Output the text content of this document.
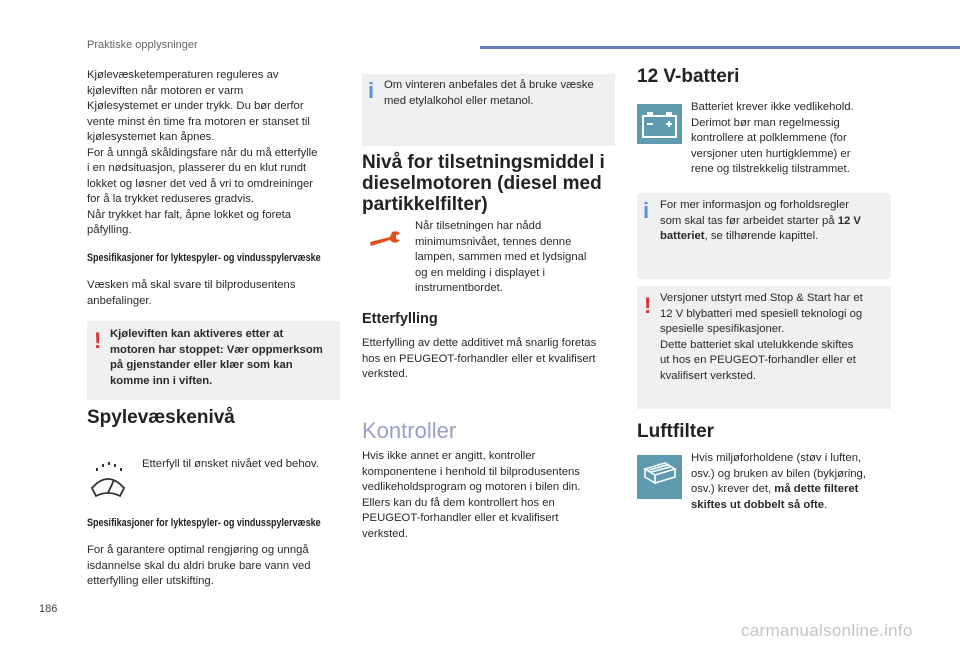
Praktiske opplysninger
Kjølevæsketemperaturen reguleres av
kjøleviften når motoren er varm
Kjølesystemet er under trykk. Du bør derfor
vente minst én time fra motoren er stanset til
kjølesystemet kan åpnes.
For å unngå skåldingsfare når du må etterfylle
i en nødsituasjon, plasserer du en klut rundt
lokket og løsner det ved å vri to omdreininger
for å la trykket reduseres gradvis.
Når trykket har falt, åpne lokket og foreta
påfylling.
Spesifikasjoner for lyktespyler- og vindusspylervæske
Væsken må skal svare til bilprodusentens
anbefalinger.
! Kjøleviften kan aktiveres etter at
motoren har stoppet: Vær oppmerksom
på gjenstander eller klær som kan
komme inn i viften.
Spylevæskenivå
Etterfyll til ønsket nivået ved behov.
Spesifikasjoner for lyktespyler- og vindusspylervæske
For å garantere optimal rengjøring og unngå
isdannelse skal du aldri bruke bare vann ved
etterfylling eller utskifting.
i Om vinteren anbefales det å bruke væske
med etylalkohol eller metanol.
Nivå for tilsetningsmiddel i
dieselmotoren (diesel med
partikkelfilter)
Når tilsetningen har nådd
minimumsnivået, tennes denne
lampen, sammen med et lydsignal
og en melding i displayet i
instrumentbordet.
Etterfylling
Etterfylling av dette additivet må snarlig foretas
hos en PEUGEOT-forhandler eller et kvalifisert
verksted.
Kontroller
Hvis ikke annet er angitt, kontroller
komponentene i henhold til bilprodusentens
vedlikeholdsprogram og motoren i bilen din.
Ellers kan du få dem kontrollert hos en
PEUGEOT-forhandler eller et kvalifisert
verksted.
12 V-batteri
Batteriet krever ikke vedlikehold.
Derimot bør man regelmessig
kontrollere at polklemmene (for
versjoner uten hurtigklemme) er
rene og tilstrekkelig tilstrammet.
i For mer informasjon og forholdsregler
som skal tas før arbeidet starter på 12 V
batteriet, se tilhørende kapittel.
! Versjoner utstyrt med Stop & Start har et
12 V blybatteri med spesiell teknologi og
spesielle spesifikasjoner.
Dette batteriet skal utelukkende skiftes
ut hos en PEUGEOT-forhandler eller et
kvalifisert verksted.
Luftfilter
Hvis miljøforholdene (støv i luften,
osv.) og bruken av bilen (bykjøring,
osv.) krever det, må dette filteret
skiftes ut dobbelt så ofte.
186
carmanualsonline.info
